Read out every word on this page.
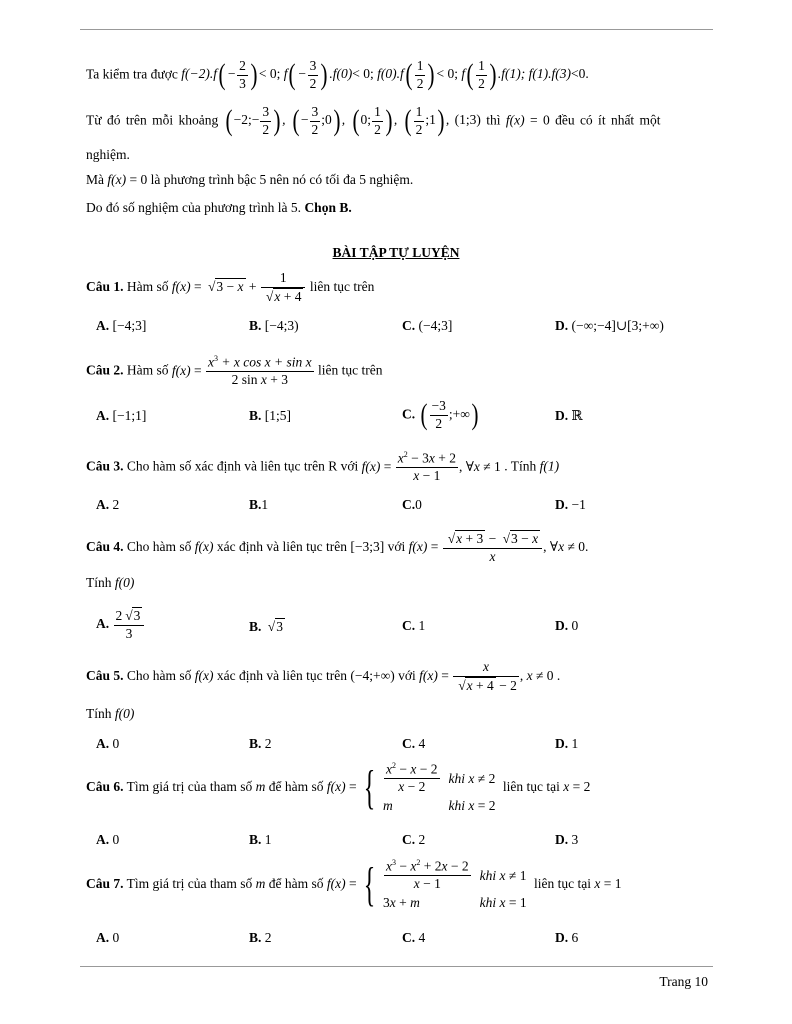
Ta kiểm tra được $f(-2).f( - \frac{2}{3}$ ) < 0; $f( - \frac{3}{2}$ ) .f(0)< 0; $f(0).f( \frac{1}{2}$ ) < 0; $f( \frac{1}{2}$ ) .f(1); f(1).f(3)<0.
Từ đó trên mỗi khoảng ( −2;− $\frac{3}{2}$ ) , ( − $\frac{3}{2}$ ;0) , ( 0; $\frac{1}{2}$ ) , ( $\frac{1}{2}$ ;1) , (1;3) thì f(x) = 0 đều có ít nhất một
nghiệm.
Mà f(x) = 0 là phương trình bậc 5 nên nó có tối đa 5 nghiệm.
Do đó số nghiệm của phương trình là 5. Chọn B.
BÀI TẬP TỰ LUYỆN
Câu 1. Hàm số f(x) = √ 3 − x + 1
√ x + 4 liên tục trên
A. [−4;3]	B. [−4;3)	C. (−4;3]	D. (−∞;−4]∪[3;+∞)
Câu 2. Hàm số $f(x) = \frac{x^3 + x \cos x + \sin x}{\text{2 sin x + 3}}$ liên tục trên
A. [−1;1]	B. [1;5]	C. ( $\frac{-3}{2}$ ;+∞)	D. ℝ
Câu 3. Cho hàm số xác định và liên tục trên R với $f(x) = \frac{x^2 - 3x + 2}{x - 1}$ , ∀x ≠ 1 . Tính f(1)
A. 2	B.1	C.0	D. −1
Câu 4. Cho hàm số f(x) xác định và liên tục trên [−3;3] với f(x) = √ $\frac{x + 3 - √ 3 - x}{x}$ , ∀x ≠ 0.
Tính f(0)
A. $\frac{2 √ 3}{3}$	B. √ 3	C. 1	D. 0
Câu 5. Cho hàm số f(x) xác định và liên tục trên (−4;+∞) với f(x) = x
√ x + 4 − 2 , x ≠ 0 .
Tính f(0)
A. 0	B. 2	C. 4	D. 1
Câu 6. Tìm giá trị của tham số m để hàm số f(x) = { $\frac{x^2 - x - 2}{x - 2}$	khi x ≠ 2
m	khi x = 2
liên tục tại x = 2
A. 0	B. 1	C. 2	D. 3
Câu 7. Tìm giá trị của tham số m để hàm số f(x) = { $\frac{x^3 - x^2 + 2x - 2}{x - 1}$	khi x ≠ 1
3x + m	khi x = 1
liên tục tại x = 1
A. 0	B. 2	C. 4	D. 6
Trang 10
